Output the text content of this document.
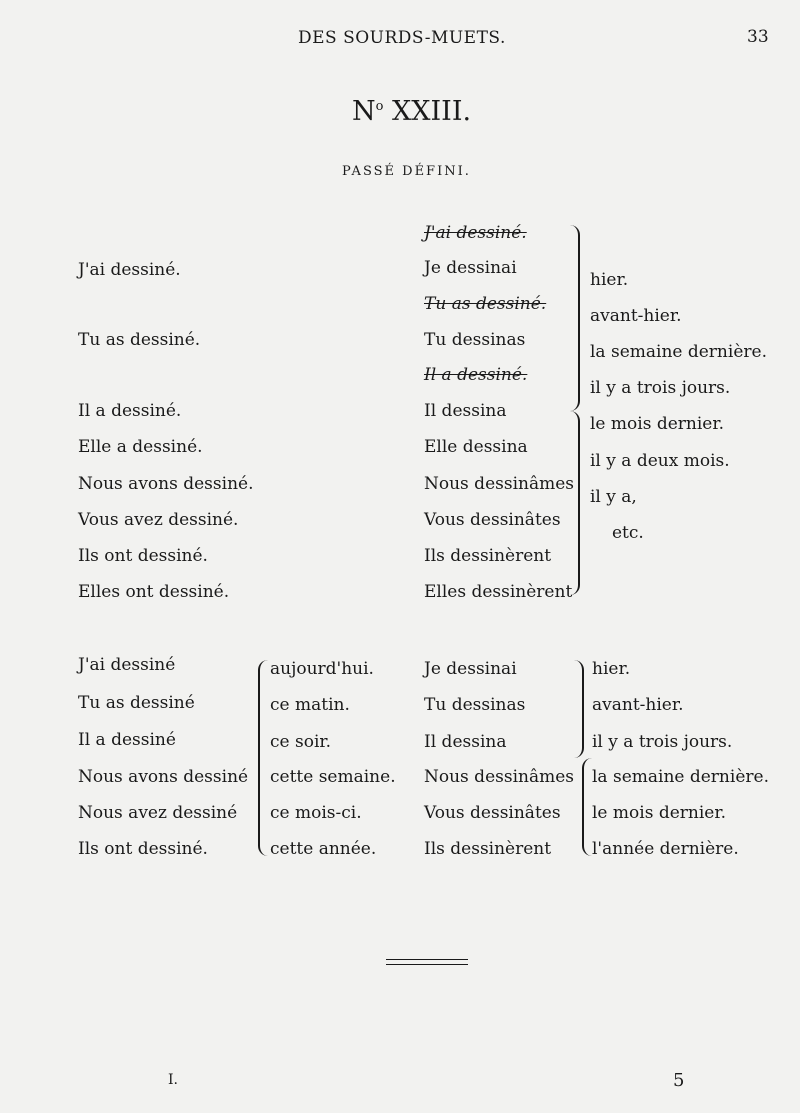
DES SOURDS-MUETS.	33
$N^o$ XXIII.
PASSÉ DÉFINI.
J'ai dessiné.
Tu as dessiné.
Il a dessiné.
Elle a dessiné.
Nous avons dessiné.
Vous avez dessiné.
Ils ont dessiné.
Elles ont dessiné.
J'ai dessiné.
Tu as dessiné.
Il a dessiné.
Je dessinai
Tu dessinas
Il dessina
Elle dessina
Nous dessinâmes
Vous dessinâtes
Ils dessinèrent
Elles dessinèrent
hier.
avant-hier.
la semaine dernière.
il y a trois jours.
le mois dernier.
il y a deux mois.
il y a,
etc.
J'ai dessiné
Tu as dessiné
Il a dessiné
Nous avons dessiné
Nous avez dessiné
Ils ont dessiné.
aujourd'hui.
ce matin.
ce soir.
cette semaine.
ce mois-ci.
cette année.
Je dessinai
Tu dessinas
Il dessina
Nous dessinâmes
Vous dessinâtes
Ils dessinèrent
hier.
avant-hier.
il y a trois jours.
la semaine dernière.
le mois dernier.
l'année dernière.
I.	5
